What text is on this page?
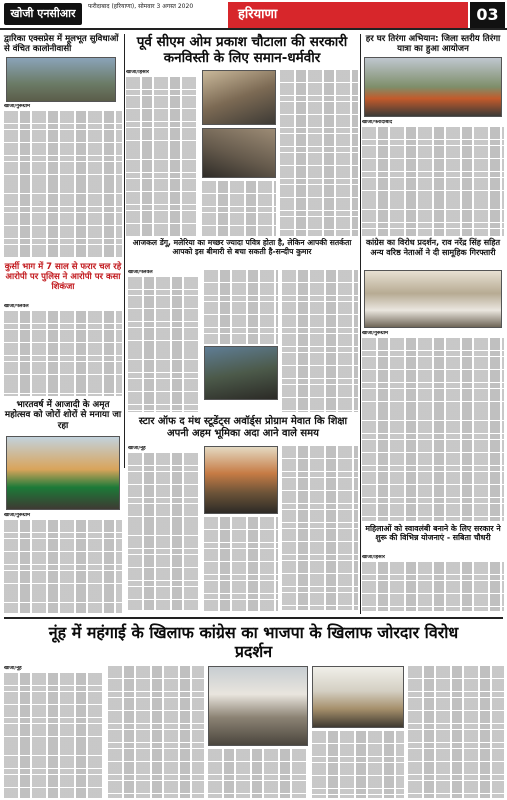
खोजी एनसीआर
फरीदाबाद (हरियाणा), सोमवार 3 अगस्त 2020
हरियाणा	03
द्वारिका एक्सप्रेस में मूलभूत सुविधाओं से वंचित कालोनीवासी
खोजी/गुरूग्राम
पूर्व सीएम ओम प्रकाश चौटाला की सरकारी कनविस्ती के लिए समान-धर्मवीर
खोजी/हिसार
हर घर तिरंगा अभियान: जिला स्तरीय तिरंगा यात्रा का हुआ आयोजन
खोजी/फरीदाबाद
कुर्सी भाग में 7 साल से फरार चल रहे आरोपी पर पुलिस ने आरोपी पर कसा शिकंजा
खोजी/पलवल
आजकल डेंगू, मलेरिया का मच्छर ज्यादा पवित्र होता है, लेकिन आपकी सतर्कता आपको इस बीमारी से बचा सकती है-सन्दीप कुमार
खोजी/पलवल
कांग्रेस का विरोध प्रदर्शन, राव नरेंद्र सिंह सहित अन्य वरिष्ठ नेताओं ने दी सामूहिक गिरफ्तारी
खोजी/गुरूग्राम
भारतवर्ष में आजादी के अमृत महोत्सव को जोरों शोरों से मनाया जा रहा
खोजी/गुरूग्राम
स्टार ऑफ द मंथ स्टूडेंट्स अवॉर्ड्स प्रोग्राम मेवात कि शिक्षा अपनी अहम भूमिका अदा आने वाले समय
खोजी/नूंह
महिलाओं को स्वावलंबी बनाने के लिए सरकार ने शुरू की विभिन्न योजनाएं - सबिता चौधरी
खोजी/हिसार
नूंह में महंगाई के खिलाफ कांग्रेस का भाजपा के खिलाफ जोरदार विरोध प्रदर्शन
खोजी/नूंह
